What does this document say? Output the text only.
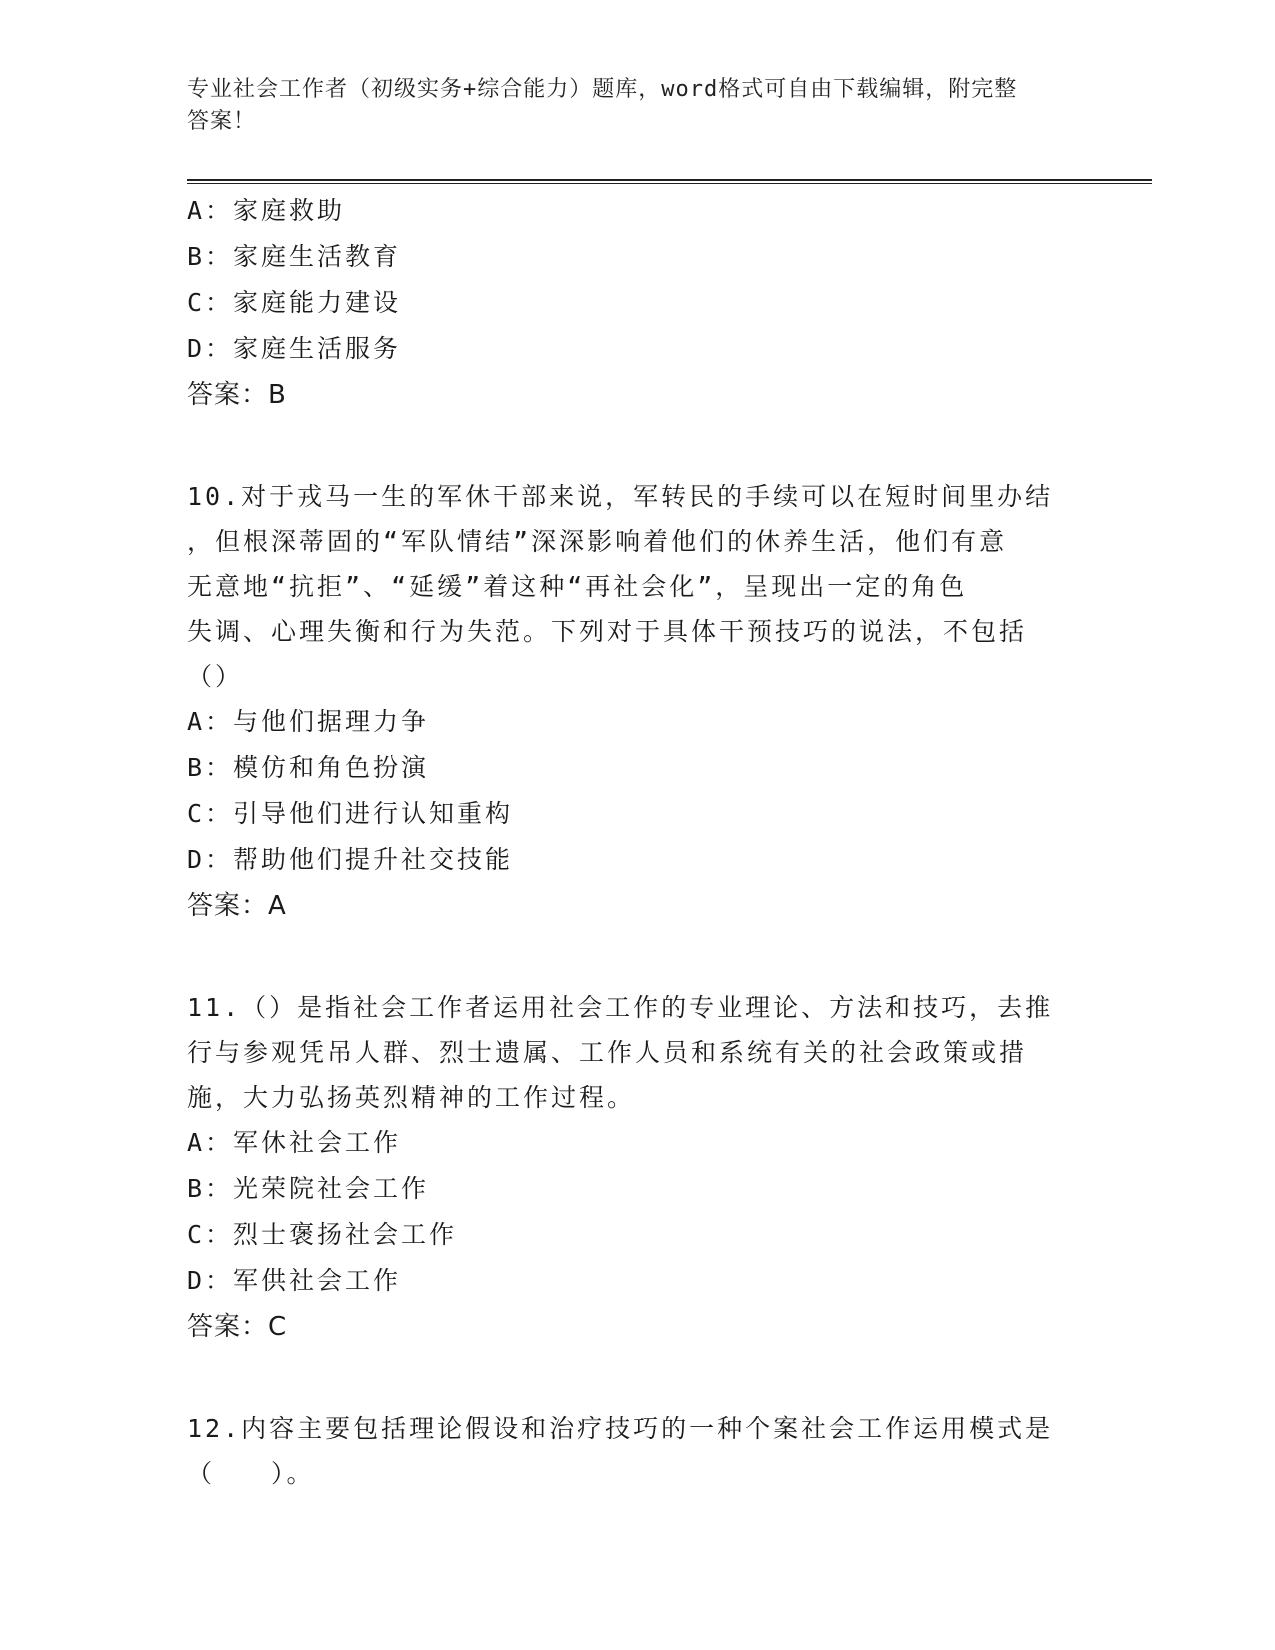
专业社会工作者（初级实务+综合能力）题库，word格式可自由下载编辑，附完整
答案！
A：家庭救助
B：家庭生活教育
C：家庭能力建设
D：家庭生活服务
答案：B
10.对于戎马一生的军休干部来说，军转民的手续可以在短时间里办结
，但根深蒂固的“军队情结”深深影响着他们的休养生活，他们有意
无意地“抗拒”、“延缓”着这种“再社会化”，呈现出一定的角色
失调、心理失衡和行为失范。下列对于具体干预技巧的说法，不包括
（）
A：与他们据理力争
B：模仿和角色扮演
C：引导他们进行认知重构
D：帮助他们提升社交技能
答案：A
11.（）是指社会工作者运用社会工作的专业理论、方法和技巧，去推
行与参观凭吊人群、烈士遗属、工作人员和系统有关的社会政策或措
施，大力弘扬英烈精神的工作过程。
A：军休社会工作
B：光荣院社会工作
C：烈士褒扬社会工作
D：军供社会工作
答案：C
12.内容主要包括理论假设和治疗技巧的一种个案社会工作运用模式是
（　　）。
